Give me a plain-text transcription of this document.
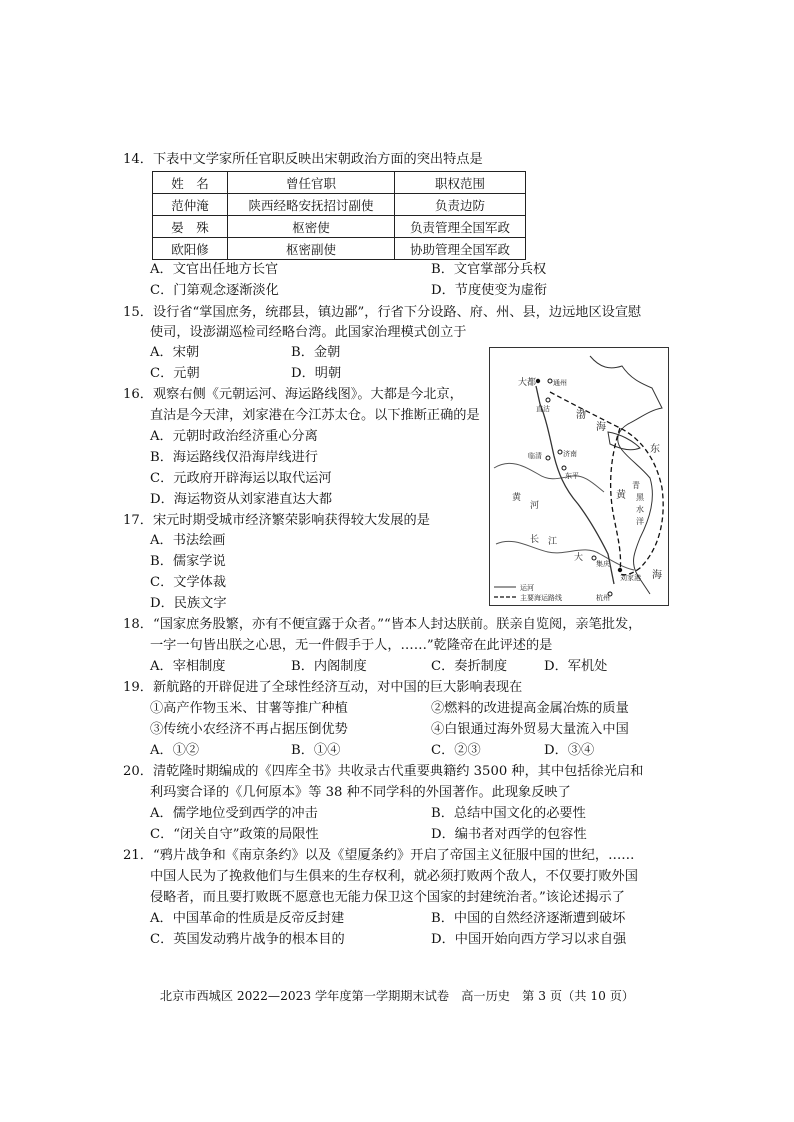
14．下表中文学家所任官职反映出宋朝政治方面的突出特点是
姓　名	曾任官职	职权范围
范仲淹	陕西经略安抚招讨副使	负责边防
晏　殊	枢密使	负责管理全国军政
欧阳修	枢密副使	协助管理全国军政
A．文官出任地方长官	B．文官掌部分兵权
C．门第观念逐渐淡化	D．节度使变为虚衔
15．设行省“掌国庶务，统郡县，镇边鄙”，行省下分设路、府、州、县，边远地区设宣慰
使司，设澎湖巡检司经略台湾。此国家治理模式创立于
A．宋朝	B．金朝
C．元朝	D．明朝
16．观察右侧《元朝运河、海运路线图》。大都是今北京，
直沽是今天津，刘家港在今江苏太仓。以下推断正确的是
A．元朝时政治经济重心分离
B．海运路线仅沿海岸线进行
C．元政府开辟海运以取代运河
D．海运物资从刘家港直达大都
17．宋元时期受城市经济繁荣影响获得较大发展的是
A．书法绘画
B．儒家学说
C．文学体裁
D．民族文字
大都 通州
直沽
济南
东平
临清
渤
海
黄
海
东
青
黑
水
洋
黄
河
长 江
大
集庆
刘家港
杭州
运河
主要海运路线
18．“国家庶务股繁，亦有不便宣露于众者。”“皆本人封达朕前。朕亲自览阅，亲笔批发，
一字一句皆出朕之心思，无一件假手于人，……”乾隆帝在此评述的是
A．宰相制度	B．内阁制度	C．奏折制度	D．军机处
19．新航路的开辟促进了全球性经济互动，对中国的巨大影响表现在
①高产作物玉米、甘薯等推广种植	②燃料的改进提高金属冶炼的质量
③传统小农经济不再占据压倒优势	④白银通过海外贸易大量流入中国
A．①②	B．①④	C．②③	D．③④
20．清乾隆时期编成的《四库全书》共收录古代重要典籍约 3500 种，其中包括徐光启和
利玛窦合译的《几何原本》等 38 种不同学科的外国著作。此现象反映了
A．儒学地位受到西学的冲击	B．总结中国文化的必要性
C．“闭关自守”政策的局限性	D．编书者对西学的包容性
21．“鸦片战争和《南京条约》以及《望厦条约》开启了帝国主义征服中国的世纪，……
中国人民为了挽救他们与生俱来的生存权利，就必须打败两个敌人，不仅要打败外国
侵略者，而且要打败既不愿意也无能力保卫这个国家的封建统治者。”该论述揭示了
A．中国革命的性质是反帝反封建	B．中国的自然经济逐渐遭到破坏
C．英国发动鸦片战争的根本目的	D．中国开始向西方学习以求自强
北京市西城区 2022—2023 学年度第一学期期末试卷　高一历史　第 3 页（共 10 页）
